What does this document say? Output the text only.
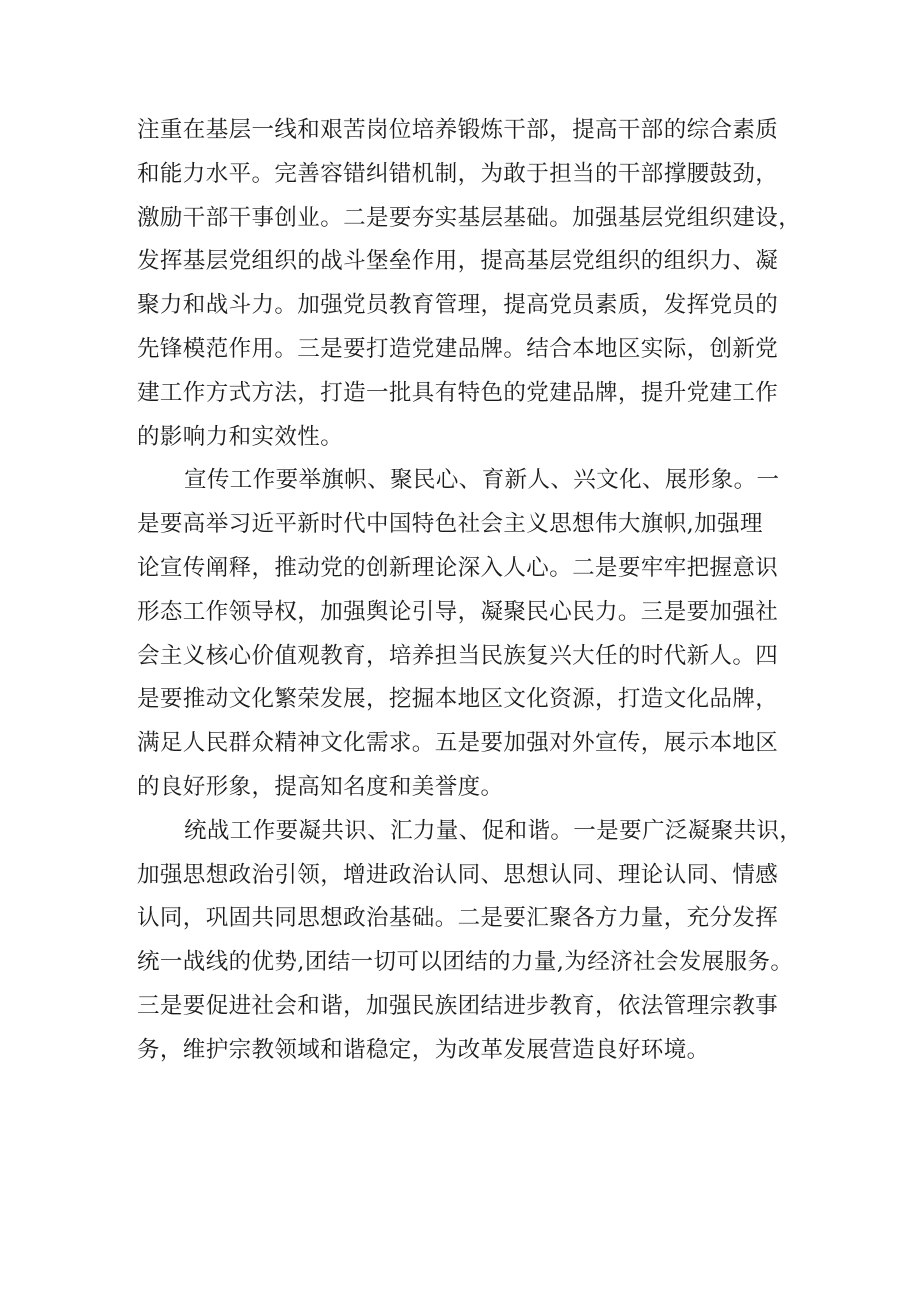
注重在基层一线和艰苦岗位培养锻炼干部，提高干部的综合素质
和能力水平。完善容错纠错机制，为敢于担当的干部撑腰鼓劲，
激励干部干事创业。二是要夯实基层基础。加强基层党组织建设，
发挥基层党组织的战斗堡垒作用，提高基层党组织的组织力、凝
聚力和战斗力。加强党员教育管理，提高党员素质，发挥党员的
先锋模范作用。三是要打造党建品牌。结合本地区实际，创新党
建工作方式方法，打造一批具有特色的党建品牌，提升党建工作
的影响力和实效性。
宣传工作要举旗帜、聚民心、育新人、兴文化、展形象。一
是要高举习近平新时代中国特色社会主义思想伟大旗帜,加强理
论宣传阐释，推动党的创新理论深入人心。二是要牢牢把握意识
形态工作领导权，加强舆论引导，凝聚民心民力。三是要加强社
会主义核心价值观教育，培养担当民族复兴大任的时代新人。四
是要推动文化繁荣发展，挖掘本地区文化资源，打造文化品牌，
满足人民群众精神文化需求。五是要加强对外宣传，展示本地区
的良好形象，提高知名度和美誉度。
统战工作要凝共识、汇力量、促和谐。一是要广泛凝聚共识，
加强思想政治引领，增进政治认同、思想认同、理论认同、情感
认同，巩固共同思想政治基础。二是要汇聚各方力量，充分发挥
统一战线的优势,团结一切可以团结的力量,为经济社会发展服务。
三是要促进社会和谐，加强民族团结进步教育，依法管理宗教事
务，维护宗教领域和谐稳定，为改革发展营造良好环境。
